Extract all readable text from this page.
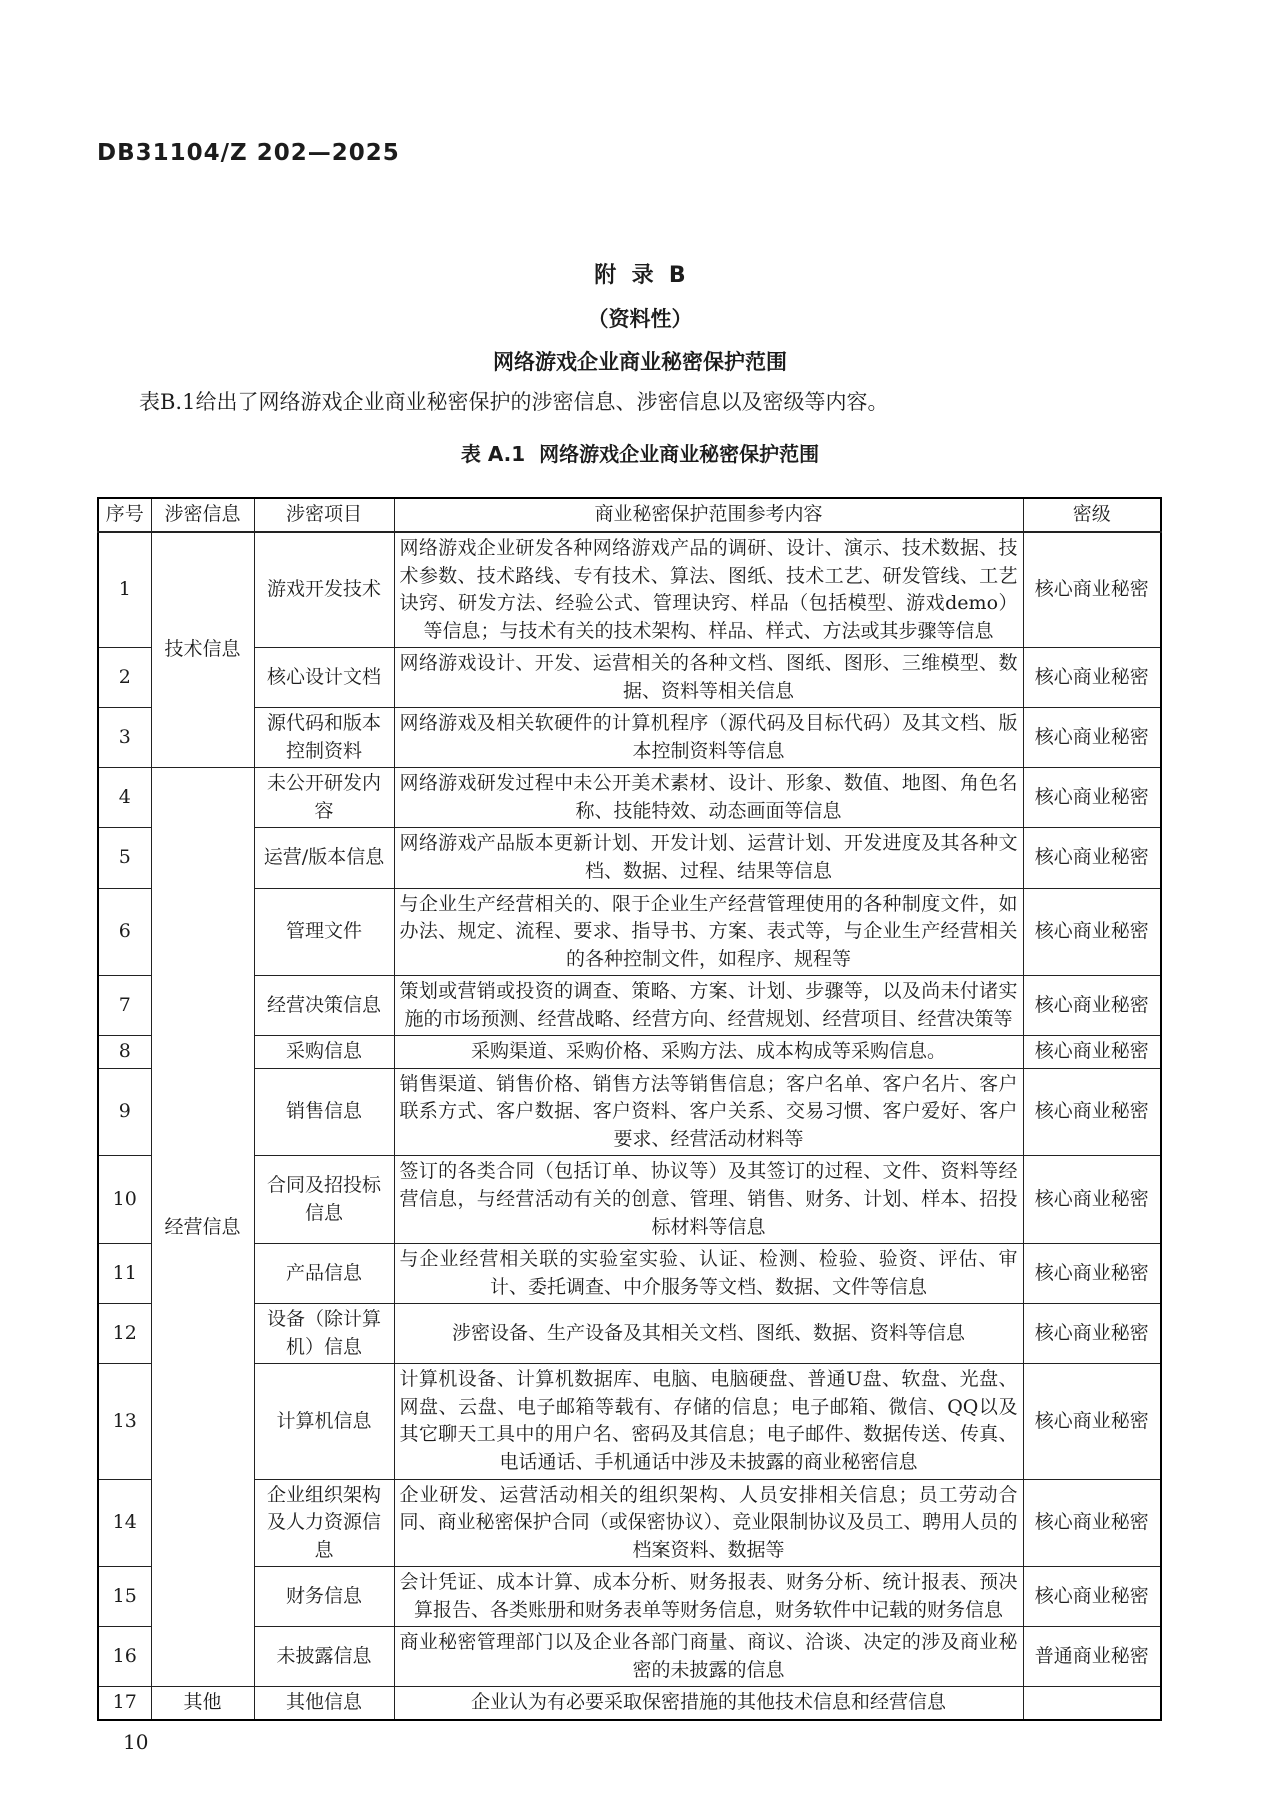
DB31104/Z 202—2025
附  录  B
（资料性）
网络游戏企业商业秘密保护范围
表B.1给出了网络游戏企业商业秘密保护的涉密信息、涉密信息以及密级等内容。
表 A.1  网络游戏企业商业秘密保护范围
序号	涉密信息	涉密项目	商业秘密保护范围参考内容	密级
1	技术信息	游戏开发技术	网络游戏企业研发各种网络游戏产品的调研、设计、演示、技术数据、技术参数、技术路线、专有技术、算法、图纸、技术工艺、研发管线、工艺诀窍、研发方法、经验公式、管理诀窍、样品（包括模型、游戏demo）等信息；与技术有关的技术架构、样品、样式、方法或其步骤等信息	核心商业秘密
2		核心设计文档	网络游戏设计、开发、运营相关的各种文档、图纸、图形、三维模型、数据、资料等相关信息	核心商业秘密
3		源代码和版本控制资料	网络游戏及相关软硬件的计算机程序（源代码及目标代码）及其文档、版本控制资料等信息	核心商业秘密
4	经营信息	未公开研发内容	网络游戏研发过程中未公开美术素材、设计、形象、数值、地图、角色名称、技能特效、动态画面等信息	核心商业秘密
5		运营/版本信息	网络游戏产品版本更新计划、开发计划、运营计划、开发进度及其各种文档、数据、过程、结果等信息	核心商业秘密
6		管理文件	与企业生产经营相关的、限于企业生产经营管理使用的各种制度文件，如办法、规定、流程、要求、指导书、方案、表式等，与企业生产经营相关的各种控制文件，如程序、规程等	核心商业秘密
7		经营决策信息	策划或营销或投资的调查、策略、方案、计划、步骤等，以及尚未付诸实施的市场预测、经营战略、经营方向、经营规划、经营项目、经营决策等	核心商业秘密
8		采购信息	采购渠道、采购价格、采购方法、成本构成等采购信息。	核心商业秘密
9		销售信息	销售渠道、销售价格、销售方法等销售信息；客户名单、客户名片、客户联系方式、客户数据、客户资料、客户关系、交易习惯、客户爱好、客户要求、经营活动材料等	核心商业秘密
10		合同及招投标信息	签订的各类合同（包括订单、协议等）及其签订的过程、文件、资料等经营信息，与经营活动有关的创意、管理、销售、财务、计划、样本、招投标材料等信息	核心商业秘密
11		产品信息	与企业经营相关联的实验室实验、认证、检测、检验、验资、评估、审计、委托调查、中介服务等文档、数据、文件等信息	核心商业秘密
12		设备（除计算机）信息	涉密设备、生产设备及其相关文档、图纸、数据、资料等信息	核心商业秘密
13		计算机信息	计算机设备、计算机数据库、电脑、电脑硬盘、普通U盘、软盘、光盘、网盘、云盘、电子邮箱等载有、存储的信息；电子邮箱、微信、QQ以及其它聊天工具中的用户名、密码及其信息；电子邮件、数据传送、传真、电话通话、手机通话中涉及未披露的商业秘密信息	核心商业秘密
14		企业组织架构及人力资源信息	企业研发、运营活动相关的组织架构、人员安排相关信息；员工劳动合同、商业秘密保护合同（或保密协议）、竞业限制协议及员工、聘用人员的档案资料、数据等	核心商业秘密
15		财务信息	会计凭证、成本计算、成本分析、财务报表、财务分析、统计报表、预决算报告、各类账册和财务表单等财务信息，财务软件中记载的财务信息	核心商业秘密
16		未披露信息	商业秘密管理部门以及企业各部门商量、商议、洽谈、决定的涉及商业秘密的未披露的信息	普通商业秘密
17	其他	其他信息	企业认为有必要采取保密措施的其他技术信息和经营信息	
10
